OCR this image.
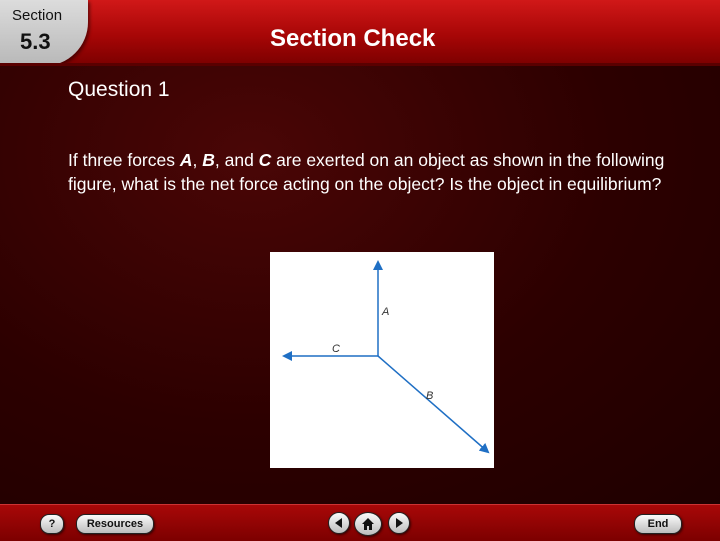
Section
5.3	Section Check
Question 1
If three forces A, B, and C are exerted on an object as shown in the following figure, what is the net force acting on the object? Is the object in equilibrium?
A
C
B
?	Resources	End
